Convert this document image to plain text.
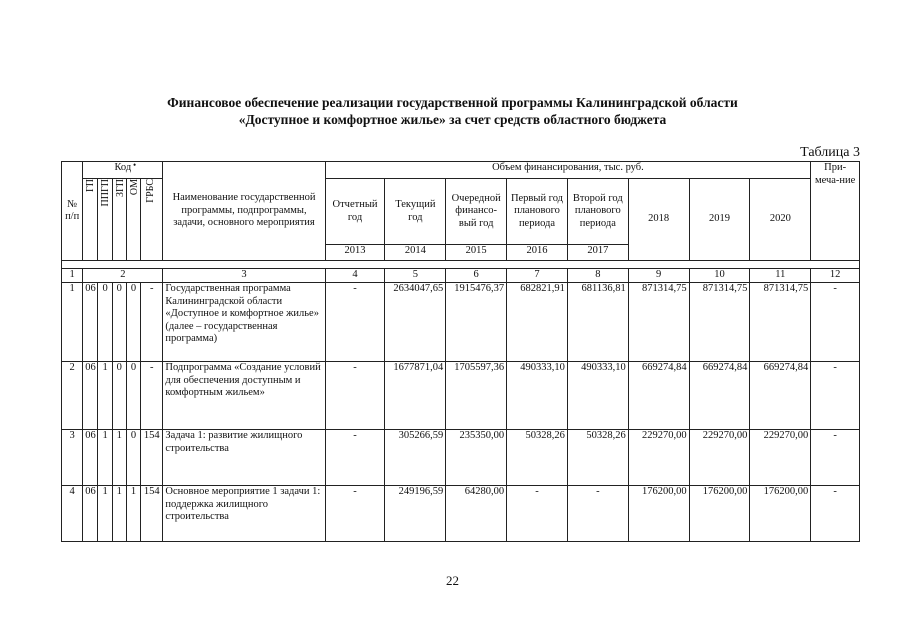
Финансовое обеспечение реализации государственной программы Калининградской области
«Доступное и комфортное жилье» за счет средств областного бюджета
Таблица 3
•
№ п/п	Код					Наименование государственной программы, подпрограммы, задачи, основного мероприятия	Объем финансирования, тыс. руб.								При-меча-ние
	ГП	ППГП	ЗГП	ОМ	ГРБС		Отчетный год	Текущий год	Очередной финансо-вый год	Первый год планового периода	Второй год планового периода	2018	2019	2020	
							2013	2014	2015	2016	2017				

1	2					3	4	5	6	7	8	9	10	11	12
1	06	0	0	0	-	Государственная программа Калининградской области «Доступное и комфортное жилье» (далее – государственная программа)	-	2634047,65	1915476,37	682821,91	681136,81	871314,75	871314,75	871314,75	-
2	06	1	0	0	-	Подпрограмма «Создание условий для обеспечения доступным и комфортным жильем»	-	1677871,04	1705597,36	490333,10	490333,10	669274,84	669274,84	669274,84	-
3	06	1	1	0	154	Задача 1: развитие жилищного строительства	-	305266,59	235350,00	50328,26	50328,26	229270,00	229270,00	229270,00	-
4	06	1	1	1	154	Основное мероприятие 1 задачи 1: поддержка жилищного строительства	-	249196,59	64280,00	-	-	176200,00	176200,00	176200,00	-
22
